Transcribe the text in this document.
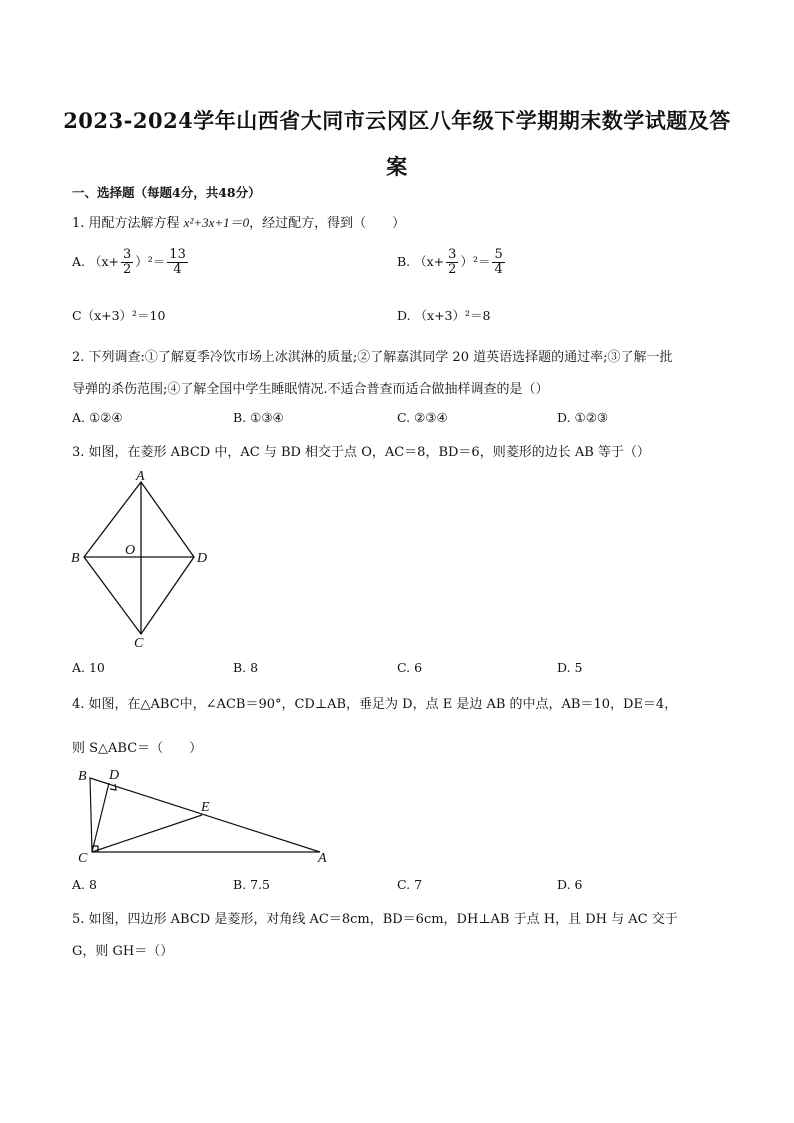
2023-2024学年山西省大同市云冈区八年级下学期期末数学试题及答
案
一、选择题（每题4分，共48分）
1. 用配方法解方程 x²+3x+1＝0，经过配方，得到（　　）
A. $(x+ \frac{3}{2} )^2= \frac{13}{4}$	B. $(x+ \frac{3}{2} )^2= \frac{5}{4}$
C（x+3）²＝10	D. （x+3）²＝8
2. 下列调查:①了解夏季冷饮市场上冰淇淋的质量;②了解嘉淇同学 20 道英语选择题的通过率;③了解一批
导弹的杀伤范围;④了解全国中学生睡眠情况.不适合普查而适合做抽样调查的是（）
A. ①②④	B. ①③④	C. ②③④	D. ①②③
3. 如图，在菱形 ABCD 中，AC 与 BD 相交于点 O，AC＝8，BD＝6，则菱形的边长 AB 等于（）
A
B	D
C
O
A. 10	B. 8	C. 6	D. 5
4. 如图，在△ABC中，∠ACB＝90°，CD⊥AB，垂足为 D，点 E 是边 AB 的中点，AB＝10，DE＝4，
则 S△ABC＝（　　）
B D
E
C	A
A. 8	B. 7.5	C. 7	D. 6
5. 如图，四边形 ABCD 是菱形，对角线 AC＝8cm，BD＝6cm，DH⊥AB 于点 H，且 DH 与 AC 交于
G，则 GH＝（）
